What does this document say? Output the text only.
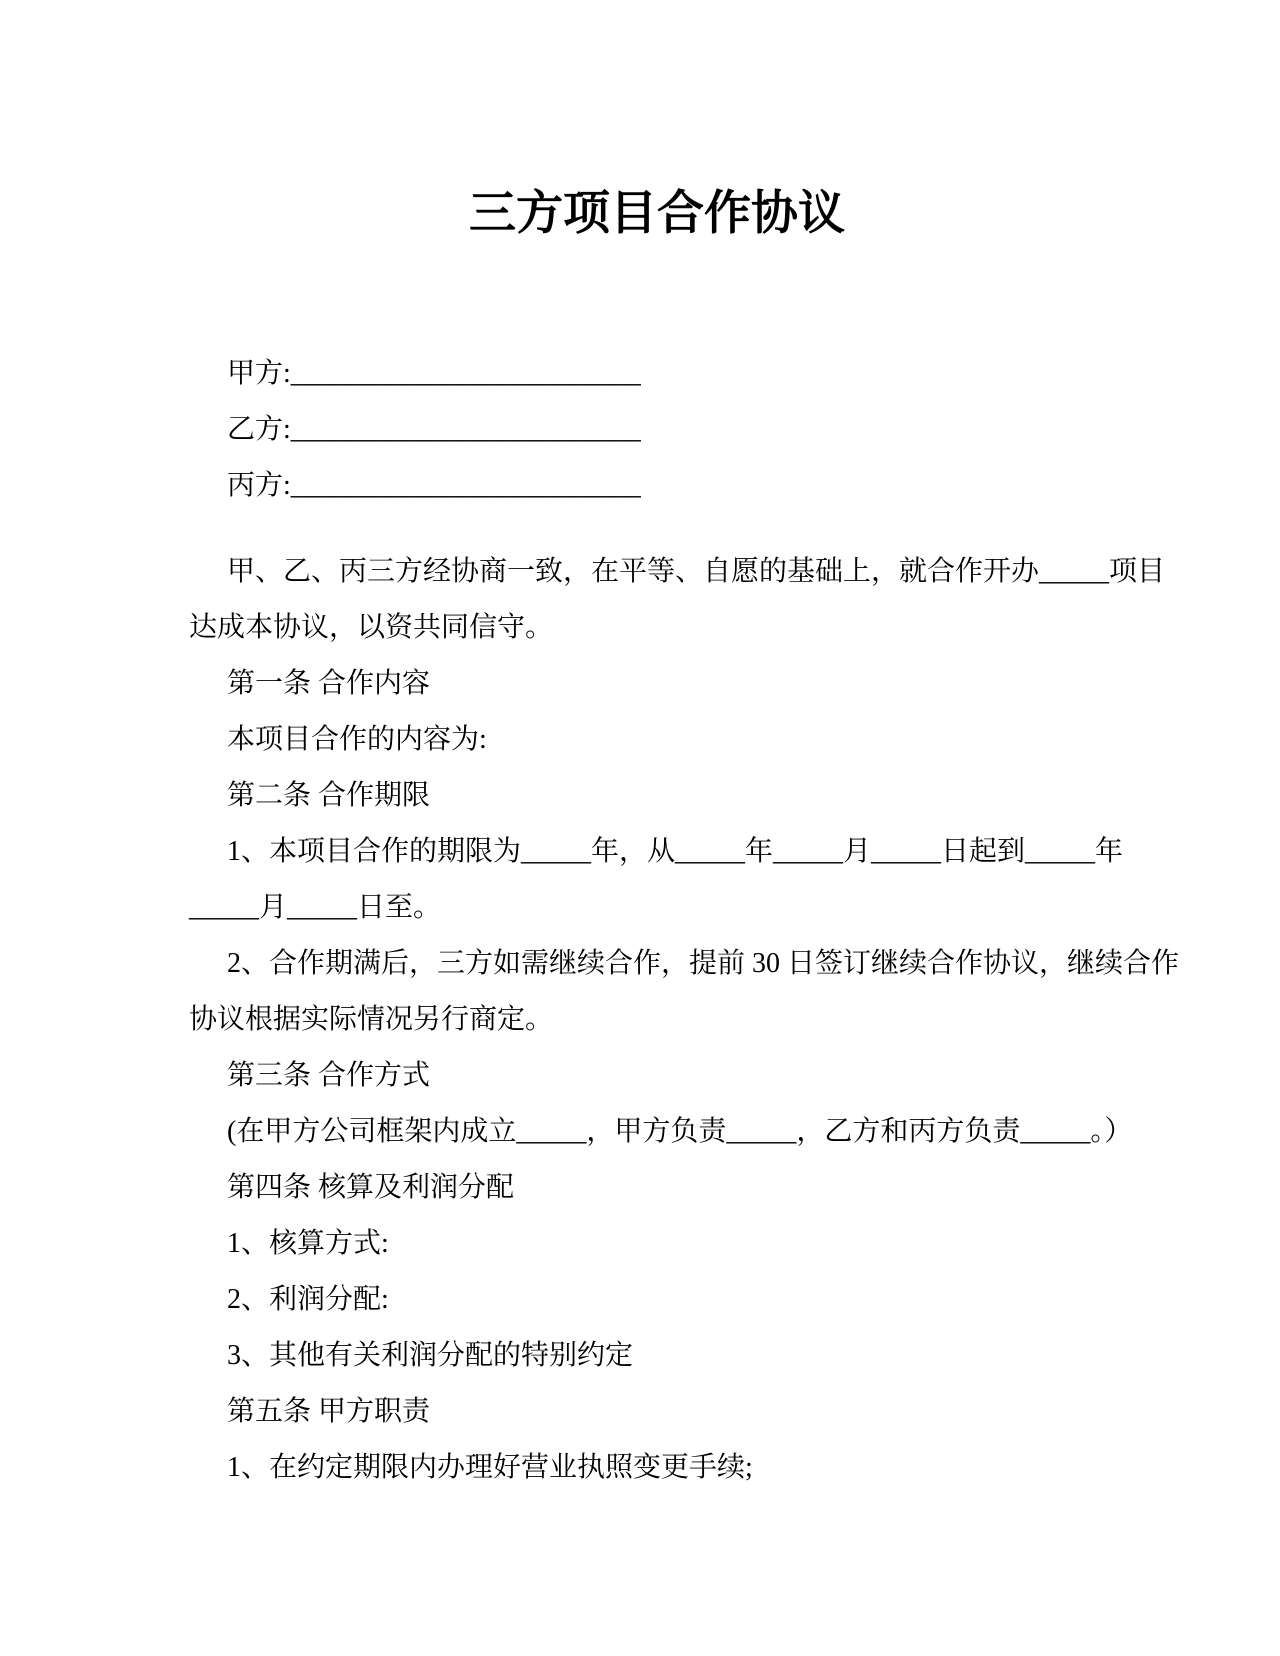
三方项目合作协议
甲方:_________________________
乙方:_________________________
丙方:_________________________
甲、乙、丙三方经协商一致，在平等、自愿的基础上，就合作开办_____项目
达成本协议，以资共同信守。
第一条 合作内容
本项目合作的内容为:
第二条 合作期限
1、本项目合作的期限为_____年，从_____年_____月_____日起到_____年
_____月_____日至。
2、合作期满后，三方如需继续合作，提前 30 日签订继续合作协议，继续合作
协议根据实际情况另行商定。
第三条 合作方式
(在甲方公司框架内成立_____，甲方负责_____，乙方和丙方负责_____。）
第四条 核算及利润分配
1、核算方式:
2、利润分配:
3、其他有关利润分配的特别约定
第五条 甲方职责
1、在约定期限内办理好营业执照变更手续;
